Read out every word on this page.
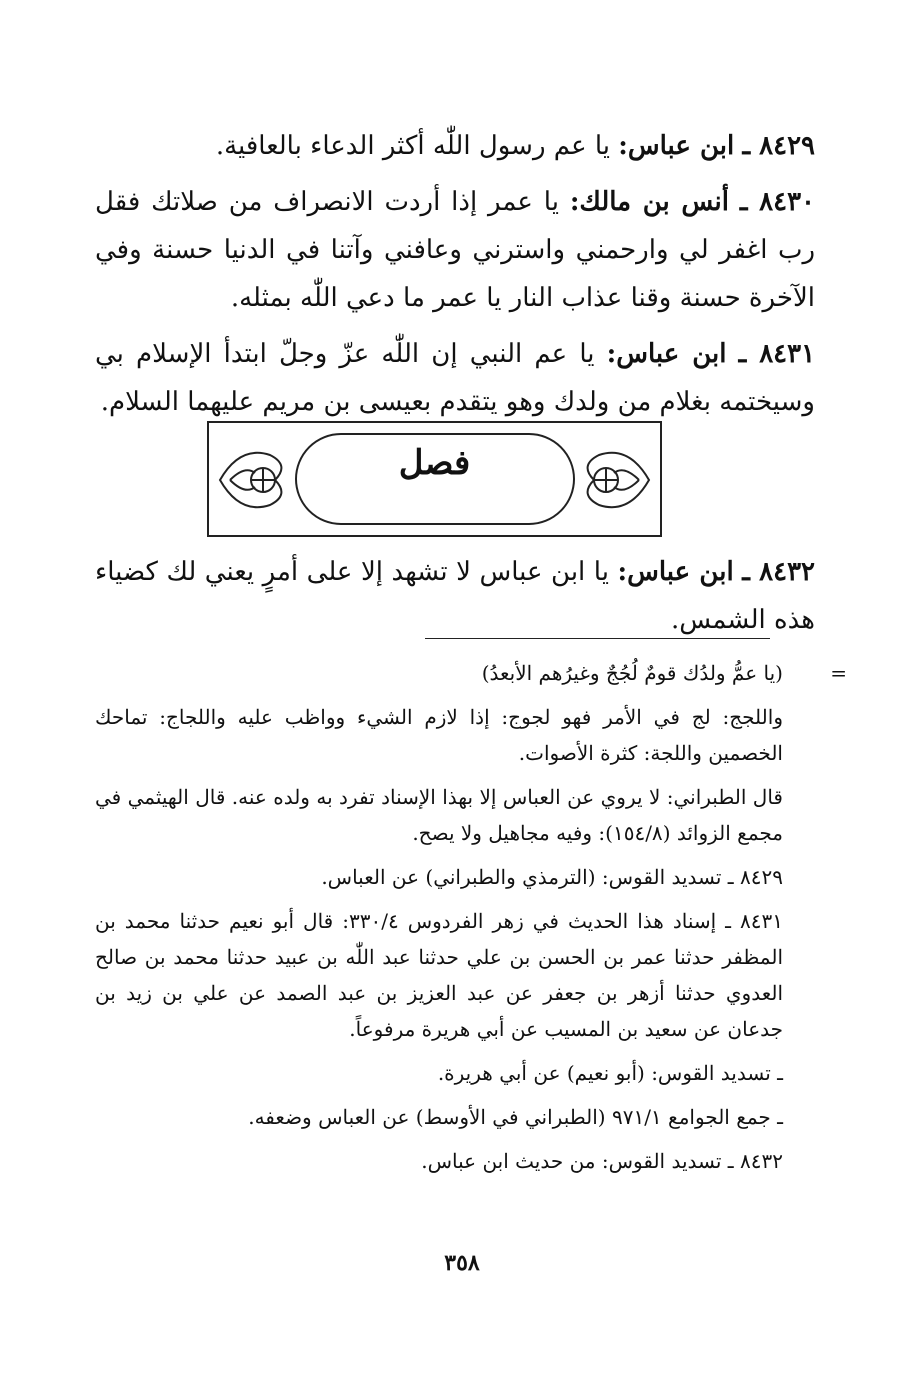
٨٤٢٩ ـ ابن عباس: يا عم رسول اللّٰه أكثر الدعاء بالعافية.

٨٤٣٠ ـ أنس بن مالك: يا عمر إذا أردت الانصراف من صلاتك فقل رب اغفر لي وارحمني واسترني وعافني وآتنا في الدنيا حسنة وفي الآخرة حسنة وقنا عذاب النار يا عمر ما دعي اللّٰه بمثله.

٨٤٣١ ـ ابن عباس: يا عم النبي إن اللّٰه عزّ وجلّ ابتدأ الإسلام بي وسيختمه بغلام من ولدك وهو يتقدم بعيسى بن مريم عليهما السلام.

فصل

٨٤٣٢ ـ ابن عباس: يا ابن عباس لا تشهد إلا على أمرٍ يعني لك كضياء هذه الشمس.

=
(يا عمُّ ولدُك قومٌ لُجُجٌ وغيرُهم الأبعدُ)

واللجج: لج في الأمر فهو لجوج: إذا لازم الشيء وواظب عليه واللجاج: تماحك الخصمين واللجة: كثرة الأصوات.

قال الطبراني: لا يروي عن العباس إلا بهذا الإسناد تفرد به ولده عنه. قال الهيثمي في مجمع الزوائد (١٥٤/٨): وفيه مجاهيل ولا يصح.

٨٤٢٩ ـ تسديد القوس: (الترمذي والطبراني) عن العباس.

٨٤٣١ ـ إسناد هذا الحديث في زهر الفردوس ٣٣٠/٤: قال أبو نعيم حدثنا محمد بن المظفر حدثنا عمر بن الحسن بن علي حدثنا عبد اللّٰه بن عبيد حدثنا محمد بن صالح العدوي حدثنا أزهر بن جعفر عن عبد العزيز بن عبد الصمد عن علي بن زيد بن جدعان عن سعيد بن المسيب عن أبي هريرة مرفوعاً.

ـ تسديد القوس: (أبو نعيم) عن أبي هريرة.

ـ جمع الجوامع ٩٧١/١ (الطبراني في الأوسط) عن العباس وضعفه.

٨٤٣٢ ـ تسديد القوس: من حديث ابن عباس.

٣٥٨
